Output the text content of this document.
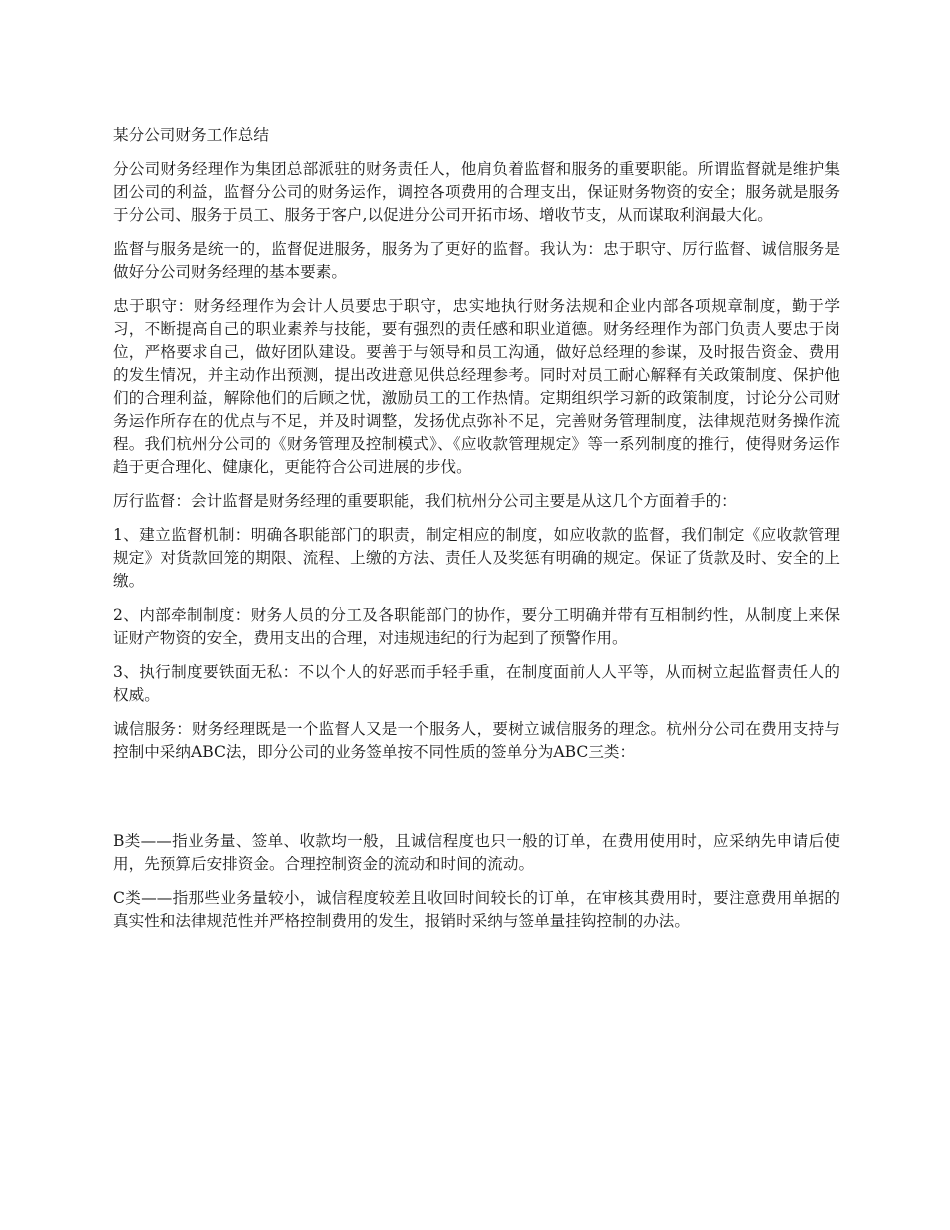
某分公司财务工作总结

分公司财务经理作为集团总部派驻的财务责任人，他肩负着监督和服务的重要职能。所谓监督就是维护集团公司的利益，监督分公司的财务运作，调控各项费用的合理支出，保证财务物资的安全；服务就是服务于分公司、服务于员工、服务于客户,以促进分公司开拓市场、增收节支，从而谋取利润最大化。

监督与服务是统一的，监督促进服务，服务为了更好的监督。我认为：忠于职守、厉行监督、诚信服务是做好分公司财务经理的基本要素。

忠于职守：财务经理作为会计人员要忠于职守，忠实地执行财务法规和企业内部各项规章制度，勤于学习，不断提高自己的职业素养与技能，要有强烈的责任感和职业道德。财务经理作为部门负责人要忠于岗位，严格要求自己，做好团队建设。要善于与领导和员工沟通，做好总经理的参谋，及时报告资金、费用的发生情况，并主动作出预测，提出改进意见供总经理参考。同时对员工耐心解释有关政策制度、保护他们的合理利益，解除他们的后顾之忧，激励员工的工作热情。定期组织学习新的政策制度，讨论分公司财务运作所存在的优点与不足，并及时调整，发扬优点弥补不足，完善财务管理制度，法律规范财务操作流程。我们杭州分公司的《财务管理及控制模式》、《应收款管理规定》等一系列制度的推行，使得财务运作趋于更合理化、健康化，更能符合公司进展的步伐。

厉行监督：会计监督是财务经理的重要职能，我们杭州分公司主要是从这几个方面着手的：

1、建立监督机制：明确各职能部门的职责，制定相应的制度，如应收款的监督，我们制定《应收款管理规定》对货款回笼的期限、流程、上缴的方法、责任人及奖惩有明确的规定。保证了货款及时、安全的上缴。

2、内部牵制制度：财务人员的分工及各职能部门的协作，要分工明确并带有互相制约性，从制度上来保证财产物资的安全，费用支出的合理，对违规违纪的行为起到了预警作用。

3、执行制度要铁面无私：不以个人的好恶而手轻手重，在制度面前人人平等，从而树立起监督责任人的权威。

诚信服务：财务经理既是一个监督人又是一个服务人，要树立诚信服务的理念。杭州分公司在费用支持与控制中采纳ABC法，即分公司的业务签单按不同性质的签单分为ABC三类：

B类——指业务量、签单、收款均一般，且诚信程度也只一般的订单，在费用使用时，应采纳先申请后使用，先预算后安排资金。合理控制资金的流动和时间的流动。

C类——指那些业务量较小，诚信程度较差且收回时间较长的订单，在审核其费用时，要注意费用单据的真实性和法律规范性并严格控制费用的发生，报销时采纳与签单量挂钩控制的办法。
